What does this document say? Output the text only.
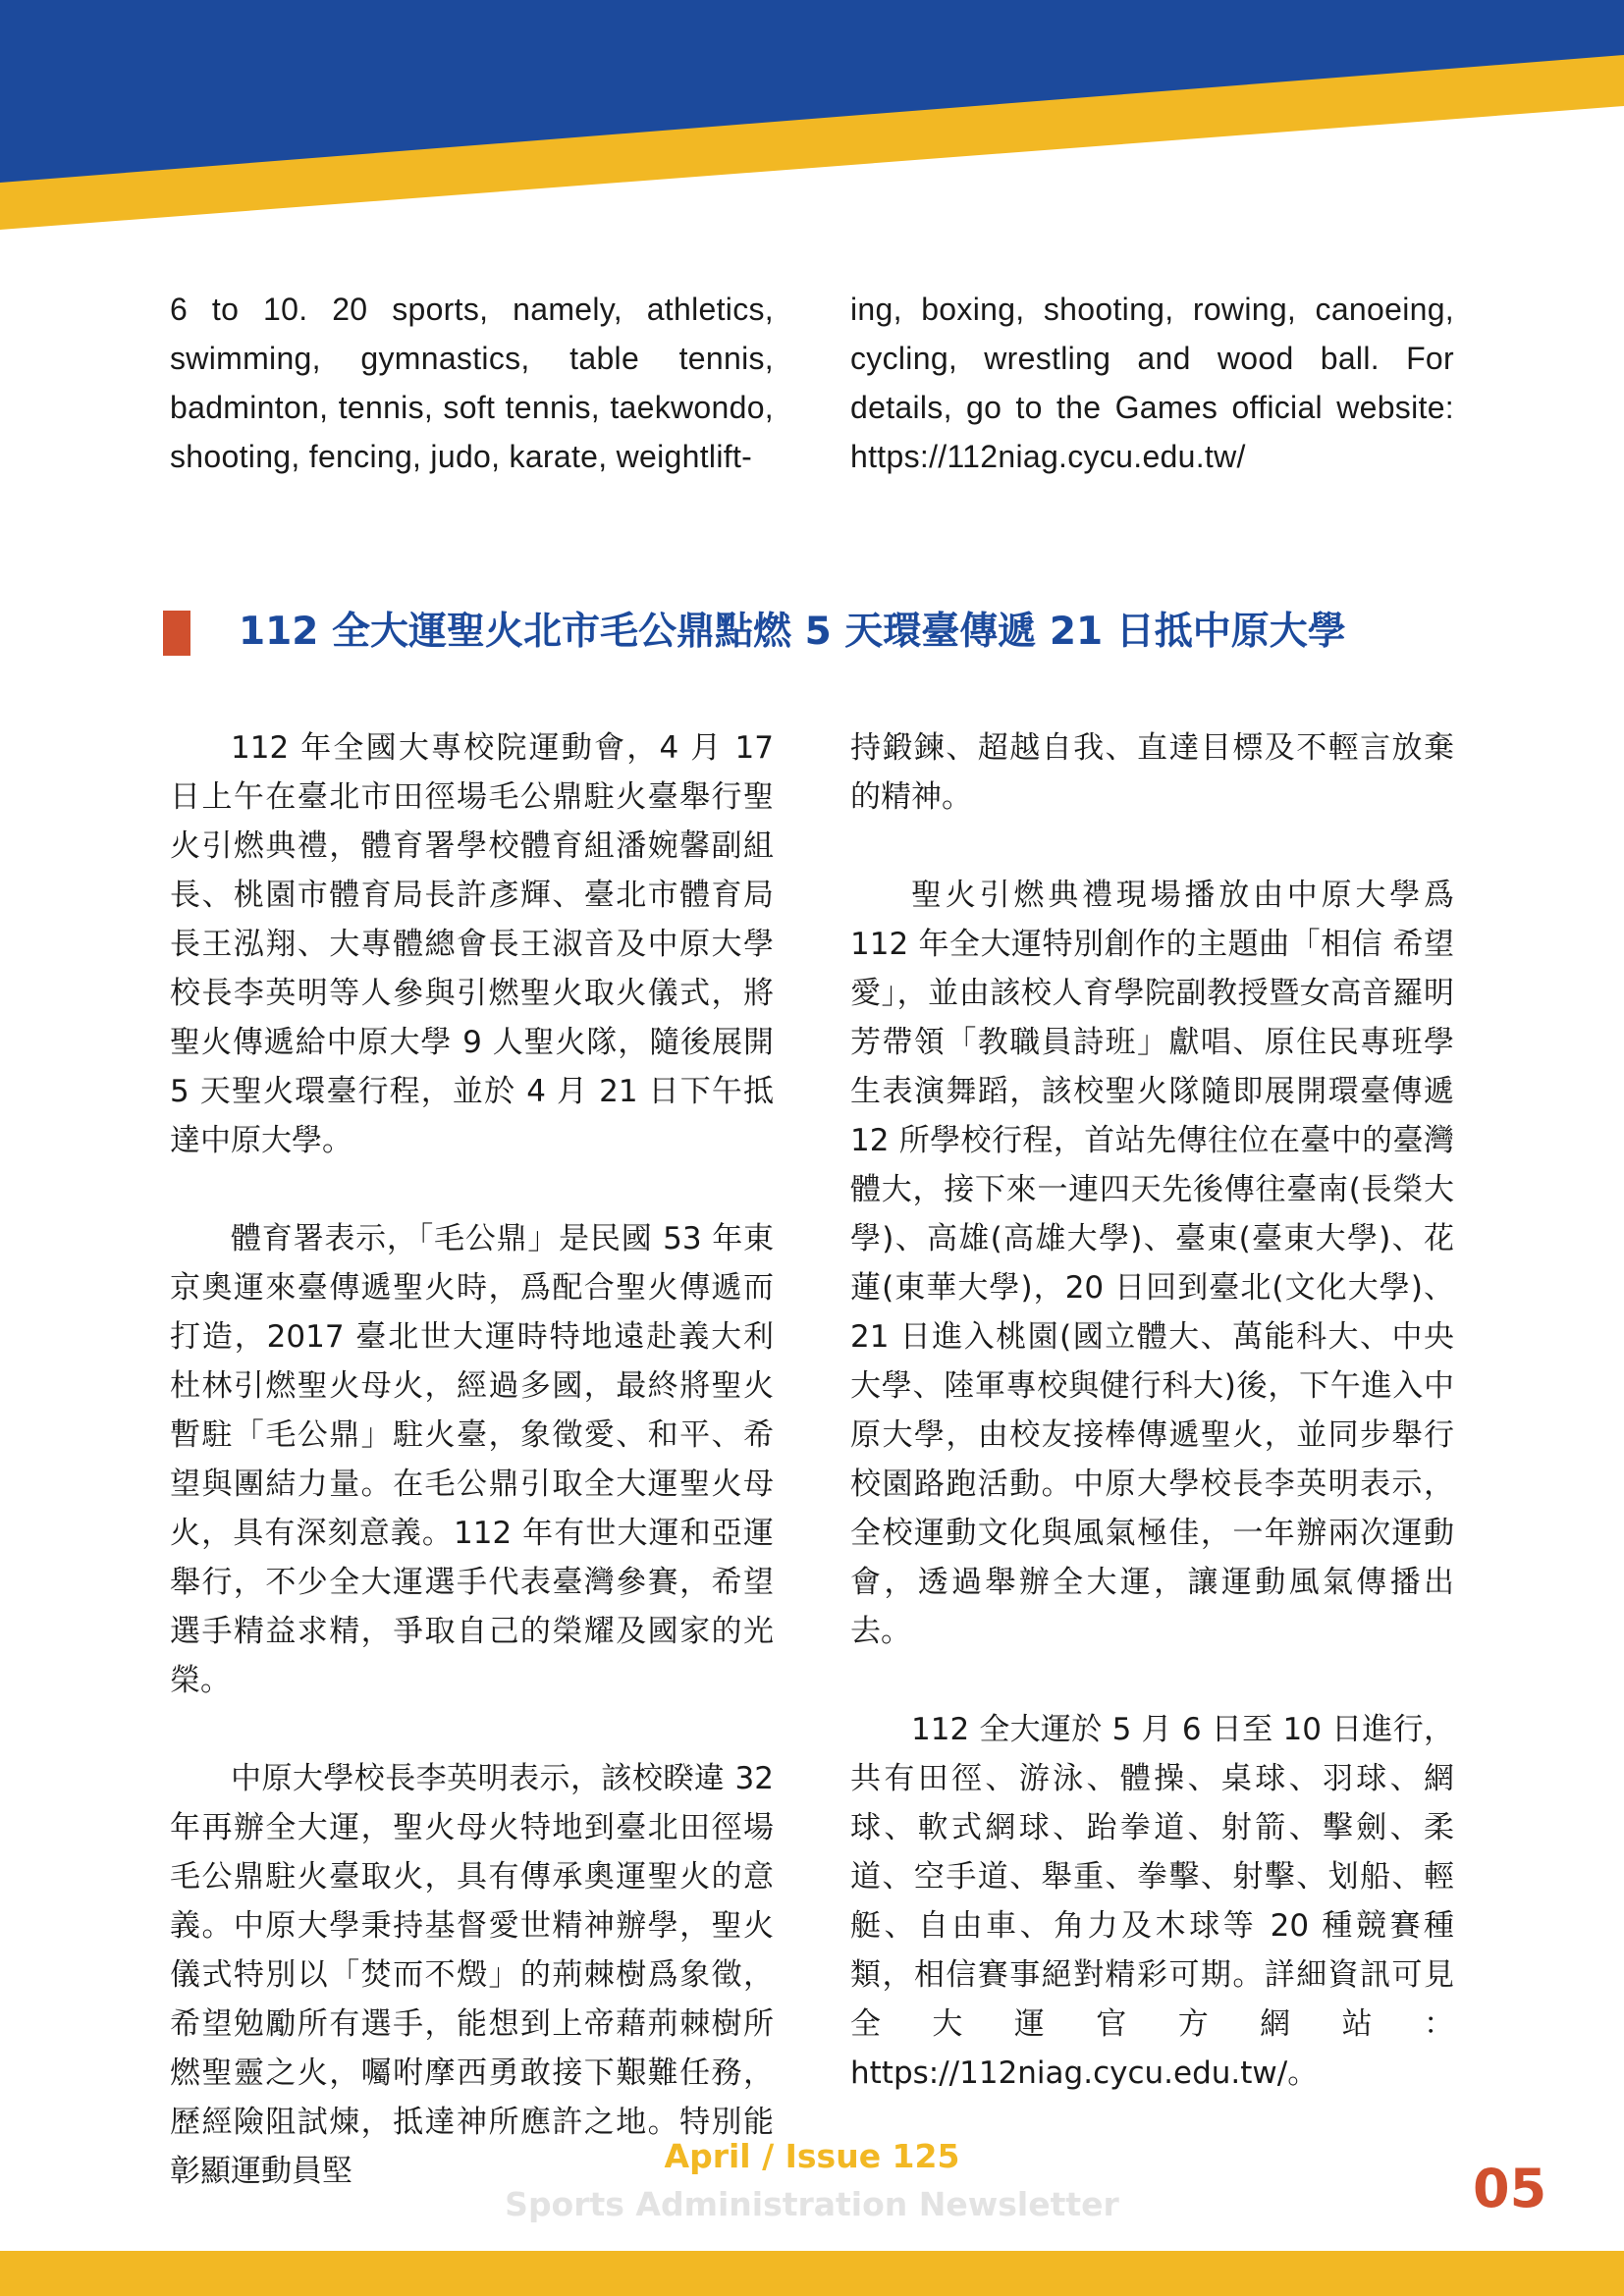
6 to 10. 20 sports, namely, athletics, swimming, gymnastics, table tennis, badminton, tennis, soft tennis, taekwondo, shooting, fencing, judo, karate, weightlift-

ing, boxing, shooting, rowing, canoeing, cycling, wrestling and wood ball. For details, go to the Games official website: https://112niag.cycu.edu.tw/

112 全大運聖火北市毛公鼎點燃 5 天環臺傳遞 21 日抵中原大學

112 年全國大專校院運動會，4 月 17 日上午在臺北市田徑場毛公鼎駐火臺舉行聖火引燃典禮，體育署學校體育組潘婉馨副組長、桃園市體育局長許彥輝、臺北市體育局長王泓翔、大專體總會長王淑音及中原大學校長李英明等人參與引燃聖火取火儀式，將聖火傳遞給中原大學 9 人聖火隊，隨後展開 5 天聖火環臺行程，並於 4 月 21 日下午抵達中原大學。

體育署表示，「毛公鼎」是民國 53 年東京奧運來臺傳遞聖火時，爲配合聖火傳遞而打造，2017 臺北世大運時特地遠赴義大利杜林引燃聖火母火，經過多國，最終將聖火暫駐「毛公鼎」駐火臺，象徵愛、和平、希望與團結力量。在毛公鼎引取全大運聖火母火，具有深刻意義。112 年有世大運和亞運舉行，不少全大運選手代表臺灣參賽，希望選手精益求精，爭取自己的榮耀及國家的光榮。

中原大學校長李英明表示，該校睽違 32 年再辦全大運，聖火母火特地到臺北田徑場毛公鼎駐火臺取火，具有傳承奧運聖火的意義。中原大學秉持基督愛世精神辦學，聖火儀式特別以「焚而不燬」的荊棘樹爲象徵，希望勉勵所有選手，能想到上帝藉荊棘樹所燃聖靈之火，囑咐摩西勇敢接下艱難任務，歷經險阻試煉，抵達神所應許之地。特別能彰顯運動員堅

持鍛鍊、超越自我、直達目標及不輕言放棄的精神。

聖火引燃典禮現場播放由中原大學爲 112 年全大運特別創作的主題曲「相信 希望 愛」，並由該校人育學院副教授暨女高音羅明芳帶領「教職員詩班」獻唱、原住民專班學生表演舞蹈，該校聖火隊隨即展開環臺傳遞 12 所學校行程，首站先傳往位在臺中的臺灣體大，接下來一連四天先後傳往臺南(長榮大學)、高雄(高雄大學)、臺東(臺東大學)、花蓮(東華大學)，20 日回到臺北(文化大學)、21 日進入桃園(國立體大、萬能科大、中央大學、陸軍專校與健行科大)後，下午進入中原大學，由校友接棒傳遞聖火，並同步舉行校園路跑活動。中原大學校長李英明表示，全校運動文化與風氣極佳，一年辦兩次運動會，透過舉辦全大運，讓運動風氣傳播出去。

112 全大運於 5 月 6 日至 10 日進行，共有田徑、游泳、體操、桌球、羽球、網球、軟式網球、跆拳道、射箭、擊劍、柔道、空手道、舉重、拳擊、射擊、划船、輕艇、自由車、角力及木球等 20 種競賽種類，相信賽事絕對精彩可期。詳細資訊可見全大運官方網站：https://112niag.cycu.edu.tw/。

April / Issue 125
Sports Administration Newsletter	05
